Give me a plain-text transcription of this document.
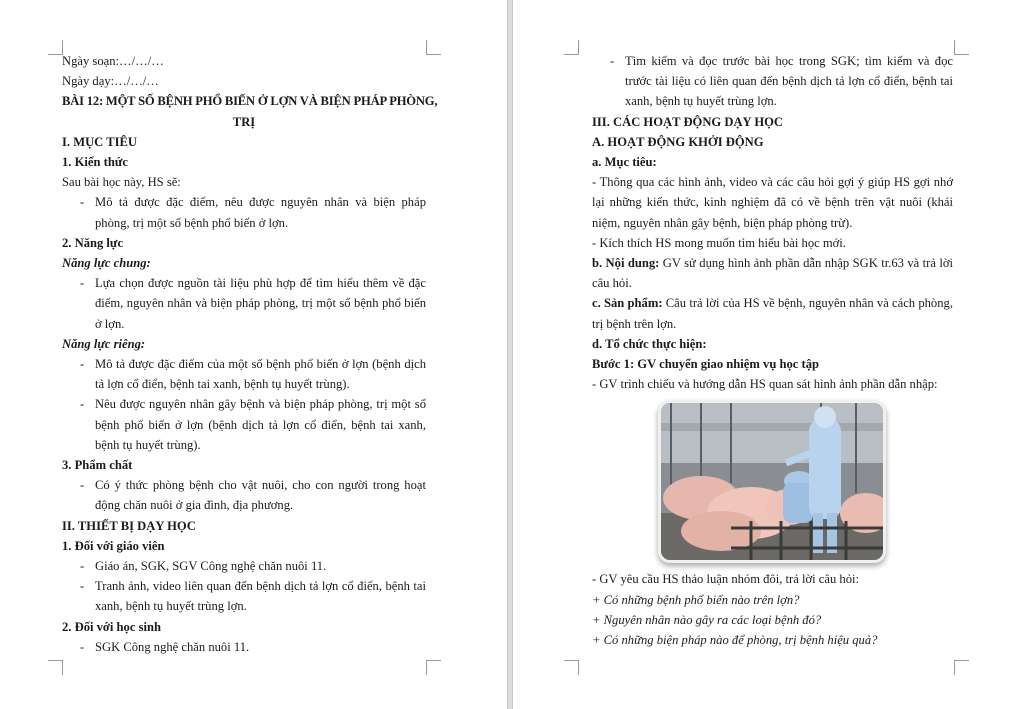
Ngày soạn:…/…/…
Ngày dạy:…/…/…
BÀI 12: MỘT SỐ BỆNH PHỔ BIẾN Ở LỢN VÀ BIỆN PHÁP PHÒNG,
TRỊ
I. MỤC TIÊU
1. Kiến thức
Sau bài học này, HS sẽ:
- Mô tả được đặc điểm, nêu được nguyên nhân và biện pháp phòng, trị một số bệnh phổ biến ở lợn.
2. Năng lực
Năng lực chung:
- Lựa chọn được nguồn tài liệu phù hợp để tìm hiểu thêm về đặc điểm, nguyên nhân và biện pháp phòng, trị một số bệnh phổ biến ở lợn.
Năng lực riêng:
- Mô tả được đặc điểm của một số bệnh phổ biến ở lợn (bệnh dịch tả lợn cổ điển, bệnh tai xanh, bệnh tụ huyết trùng).
- Nêu được nguyên nhân gây bệnh và biện pháp phòng, trị một số bệnh phổ biến ở lợn (bệnh dịch tả lợn cổ điển, bệnh tai xanh, bệnh tụ huyết trùng).
3. Phẩm chất
- Có ý thức phòng bệnh cho vật nuôi, cho con người trong hoạt động chăn nuôi ở gia đình, địa phương.
II. THIẾT BỊ DẠY HỌC
1. Đối với giáo viên
- Giáo án, SGK, SGV Công nghệ chăn nuôi 11.
- Tranh ảnh, video liên quan đến bệnh dịch tả lợn cổ điển, bệnh tai xanh, bệnh tụ huyết trùng lợn.
2. Đối với học sinh
- SGK Công nghệ chăn nuôi 11.
- Tìm kiếm và đọc trước bài học trong SGK; tìm kiếm và đọc trước tài liệu có liên quan đến bệnh dịch tả lợn cổ điển, bệnh tai xanh, bệnh tụ huyết trùng lợn.
III. CÁC HOẠT ĐỘNG DẠY HỌC
A. HOẠT ĐỘNG KHỞI ĐỘNG
a. Mục tiêu:
- Thông qua các hình ảnh, video và các câu hỏi gợi ý giúp HS gợi nhớ lại những kiến thức, kinh nghiệm đã có về bệnh trên vật nuôi (khái niệm, nguyên nhân gây bệnh, biện pháp phòng trừ).
- Kích thích HS mong muốn tìm hiểu bài học mới.
b. Nội dung: GV sử dụng hình ảnh phần dẫn nhập SGK tr.63 và trả lời câu hỏi.
c. Sản phẩm: Câu trả lời của HS về bệnh, nguyên nhân và cách phòng, trị bệnh trên lợn.
d. Tổ chức thực hiện:
Bước 1: GV chuyển giao nhiệm vụ học tập
- GV trình chiếu và hướng dẫn HS quan sát hình ảnh phần dẫn nhập:
- GV yêu cầu HS thảo luận nhóm đôi, trả lời câu hỏi:
+ Có những bệnh phổ biến nào trên lợn?
+ Nguyên nhân nào gây ra các loại bệnh đó?
+ Có những biện pháp nào để phòng, trị bệnh hiệu quả?
